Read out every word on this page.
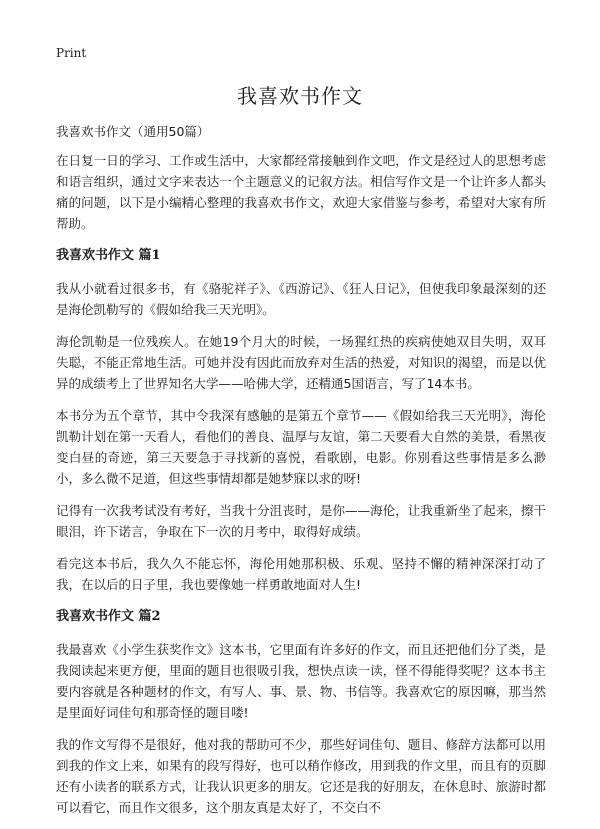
Print
我喜欢书作文
我喜欢书作文（通用50篇）

在日复一日的学习、工作或生活中，大家都经常接触到作文吧，作文是经过人的思想考虑和语言组织，通过文字来表达一个主题意义的记叙方法。相信写作文是一个让许多人都头痛的问题，以下是小编精心整理的我喜欢书作文，欢迎大家借鉴与参考，希望对大家有所帮助。

我喜欢书作文 篇1

我从小就看过很多书，有《骆驼祥子》、《西游记》、《狂人日记》，但使我印象最深刻的还是海伦凯勒写的《假如给我三天光明》。

海伦凯勒是一位残疾人。在她19个月大的时候，一场猩红热的疾病使她双目失明，双耳失聪，不能正常地生活。可她并没有因此而放弃对生活的热爱，对知识的渴望，而是以优异的成绩考上了世界知名大学——哈佛大学，还精通5国语言，写了14本书。

本书分为五个章节，其中令我深有感触的是第五个章节——《假如给我三天光明》，海伦凯勒计划在第一天看人，看他们的善良、温厚与友谊，第二天要看大自然的美景，看黑夜变白昼的奇迹，第三天要急于寻找新的喜悦，看歌剧，电影。你别看这些事情是多么渺小，多么微不足道，但这些事情却都是她梦寐以求的呀!

记得有一次我考试没有考好，当我十分沮丧时，是你——海伦，让我重新坐了起来，擦干眼泪，许下诺言，争取在下一次的月考中，取得好成绩。

看完这本书后，我久久不能忘怀，海伦用她那积极、乐观、坚持不懈的精神深深打动了我，在以后的日子里，我也要像她一样勇敢地面对人生!

我喜欢书作文 篇2

我最喜欢《小学生获奖作文》这本书，它里面有许多好的作文，而且还把他们分了类，是我阅读起来更方便，里面的题目也很吸引我，想快点读一读，怪不得能得奖呢？这本书主要内容就是各种题材的作文，有写人、事、景、物、书信等。我喜欢它的原因嘛，那当然是里面好词佳句和那奇怪的题目喽!

我的作文写得不是很好，他对我的帮助可不少，那些好词佳句、题目、修辞方法都可以用到我的作文上来，如果有的段写得好，也可以稍作修改，用到我的作文里，而且有的页脚还有小读者的联系方式，让我认识更多的朋友。它还是我的好朋友，在休息时、旅游时都可以看它，而且作文很多，这个朋友真是太好了，不交白不
